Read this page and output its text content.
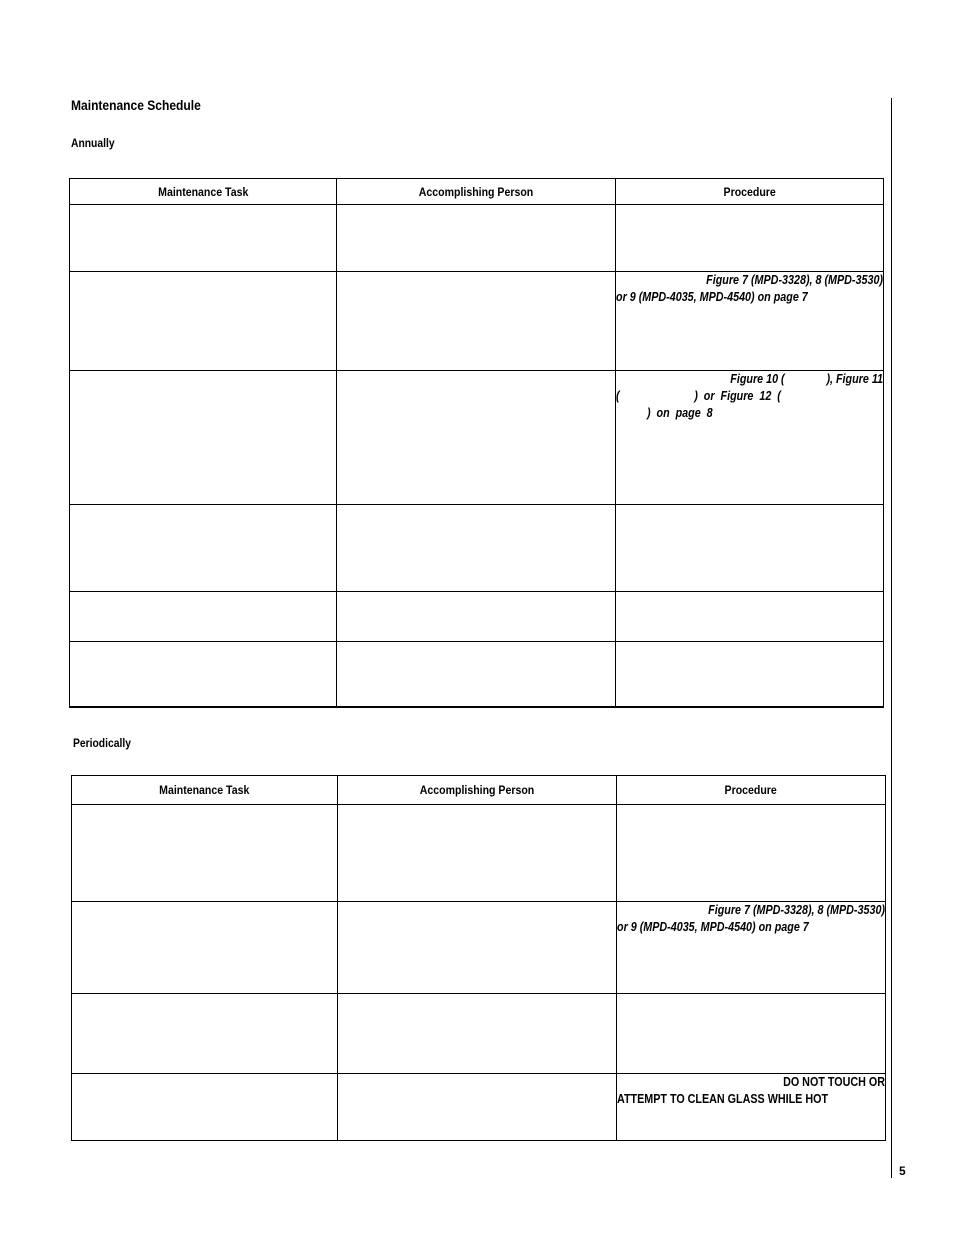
Maintenance Schedule
Annually
Maintenance Task	Accomplishing Person	Procedure

		Figure 7 (MPD-3328), 8 (MPD-3530)
or 9 (MPD-4035, MPD-4540) on page 7

		Figure 10 (              ), Figure 11
(                         )  or  Figure  12  (
)  on  page  8

Periodically
Maintenance Task	Accomplishing Person	Procedure

		Figure 7 (MPD-3328), 8 (MPD-3530)
or 9 (MPD-4035, MPD-4540) on page 7

		DO NOT TOUCH OR
ATTEMPT TO CLEAN GLASS WHILE HOT
5
